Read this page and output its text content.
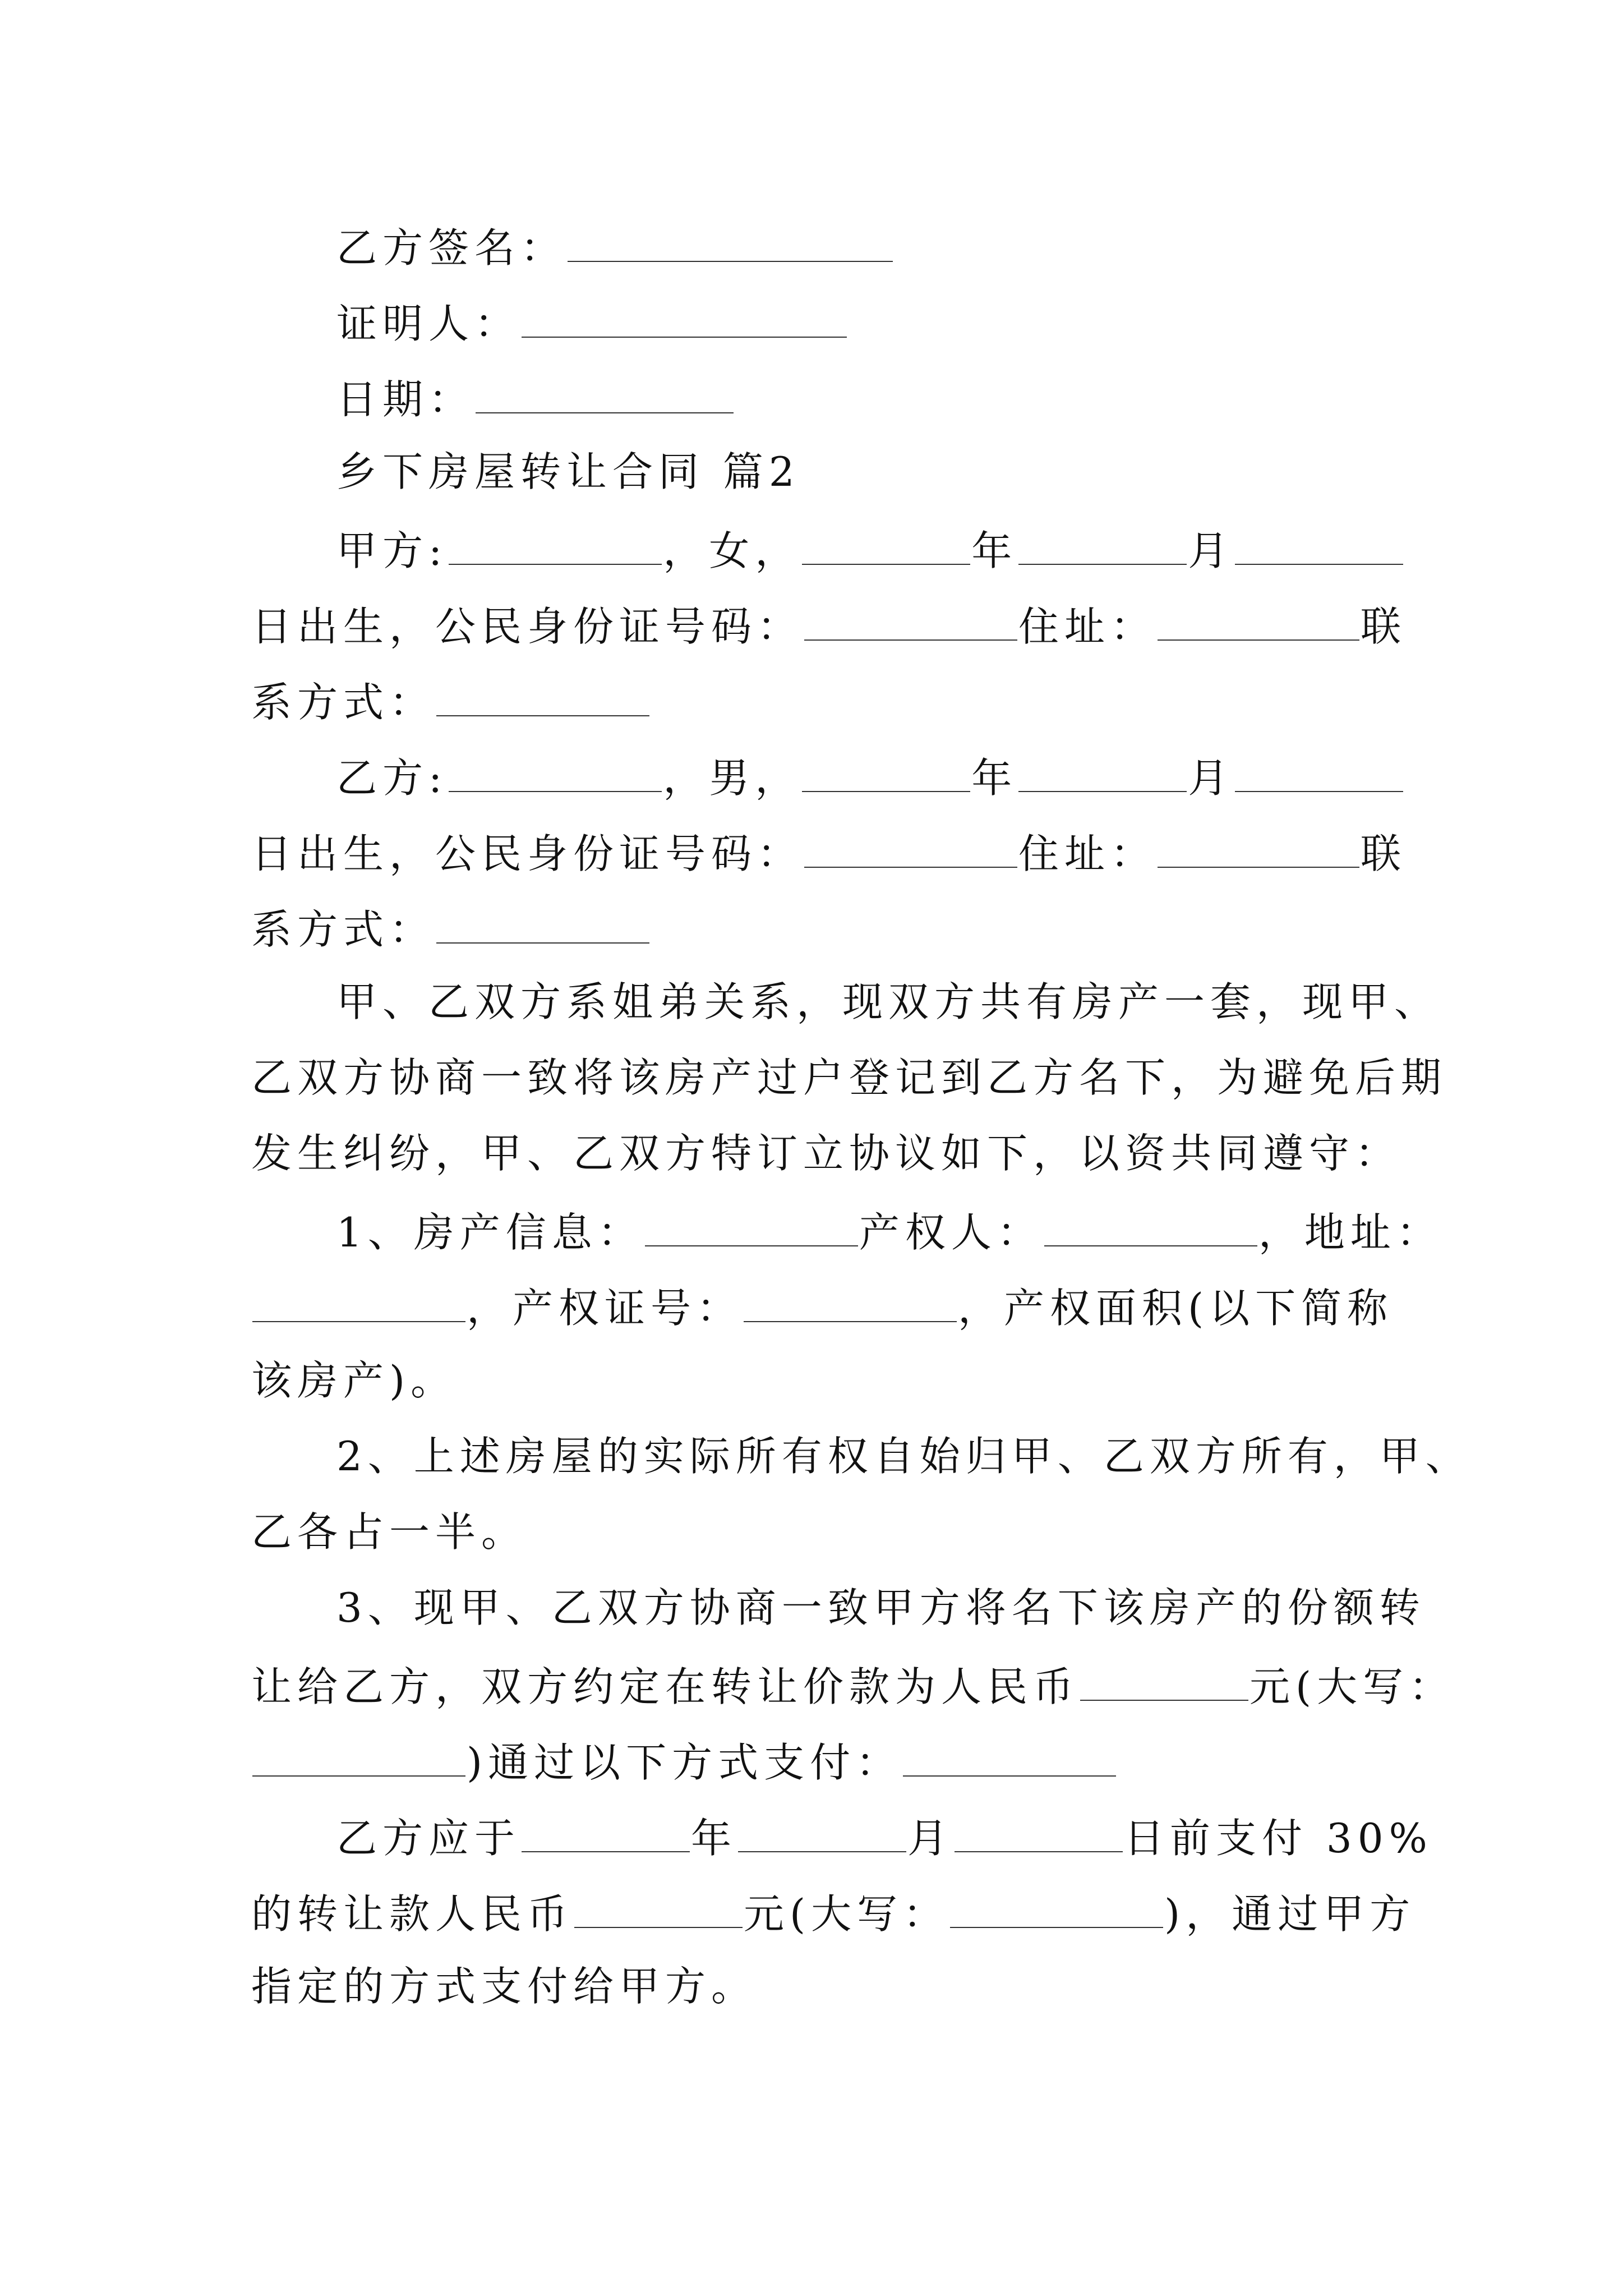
乙方签名：
证明人：
日期：
乡下房屋转让合同 篇2
甲方:	，女，	年	月
日出生，公民身份证号码：	住址：	联
系方式：
乙方:	，男，	年	月
日出生，公民身份证号码：	住址：	联
系方式：
甲、乙双方系姐弟关系，现双方共有房产一套，现甲、
乙双方协商一致将该房产过户登记到乙方名下，为避免后期
发生纠纷，甲、乙双方特订立协议如下，以资共同遵守：
1、房产信息：	产权人：	，地址：
，产权证号：	，产权面积(以下简称
该房产)。
2、上述房屋的实际所有权自始归甲、乙双方所有，甲、
乙各占一半。
3、现甲、乙双方协商一致甲方将名下该房产的份额转
让给乙方，双方约定在转让价款为人民币	元(大写：
)通过以下方式支付：
乙方应于	年	月	日前支付 30%
的转让款人民币	元(大写：	)，通过甲方
指定的方式支付给甲方。
